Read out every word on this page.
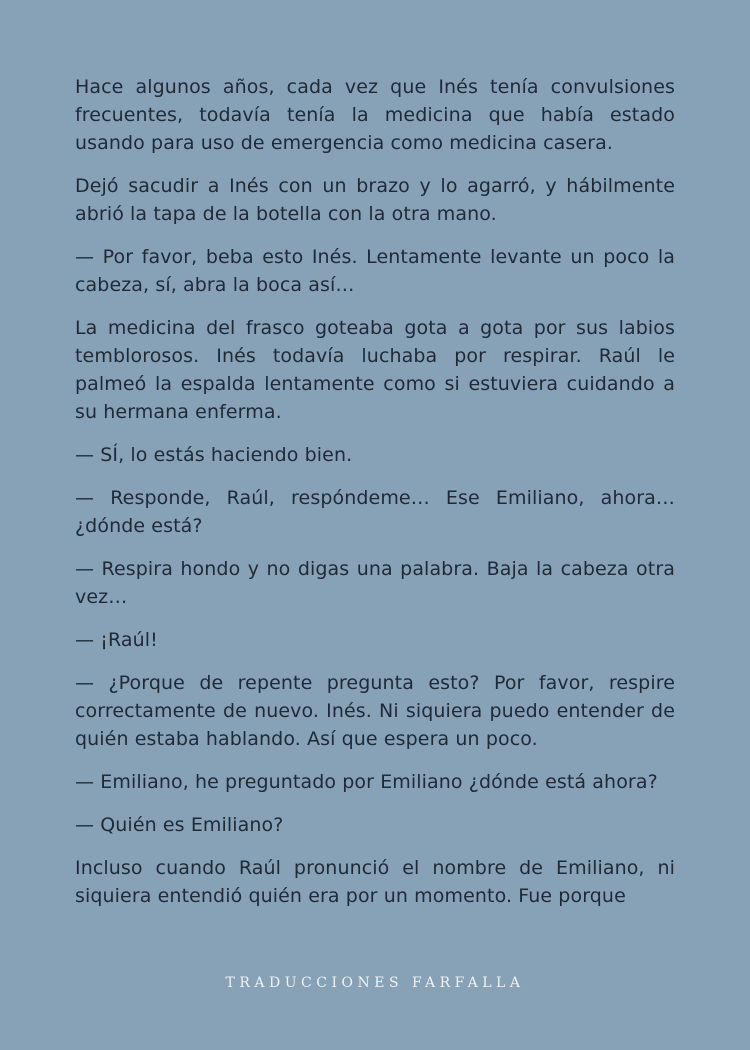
Hace algunos años, cada vez que Inés tenía convulsiones frecuentes, todavía tenía la medicina que había estado usando para uso de emergencia como medicina casera.

Dejó sacudir a Inés con un brazo y lo agarró, y hábilmente abrió la tapa de la botella con la otra mano.

— Por favor, beba esto Inés. Lentamente levante un poco la cabeza, sí, abra la boca así…

La medicina del frasco goteaba gota a gota por sus labios temblorosos. Inés todavía luchaba por respirar. Raúl le palmeó la espalda lentamente como si estuviera cuidando a su hermana enferma.

— SÍ, lo estás haciendo bien.

— Responde, Raúl, respóndeme… Ese Emiliano, ahora… ¿dónde está?

— Respira hondo y no digas una palabra. Baja la cabeza otra vez…

— ¡Raúl!

— ¿Porque de repente pregunta esto? Por favor, respire correctamente de nuevo. Inés. Ni siquiera puedo entender de quién estaba hablando. Así que espera un poco.

— Emiliano, he preguntado por Emiliano ¿dónde está ahora?

— Quién es Emiliano?

Incluso cuando Raúl pronunció el nombre de Emiliano, ni siquiera entendió quién era por un momento. Fue porque

TRADUCCIONES FARFALLA
